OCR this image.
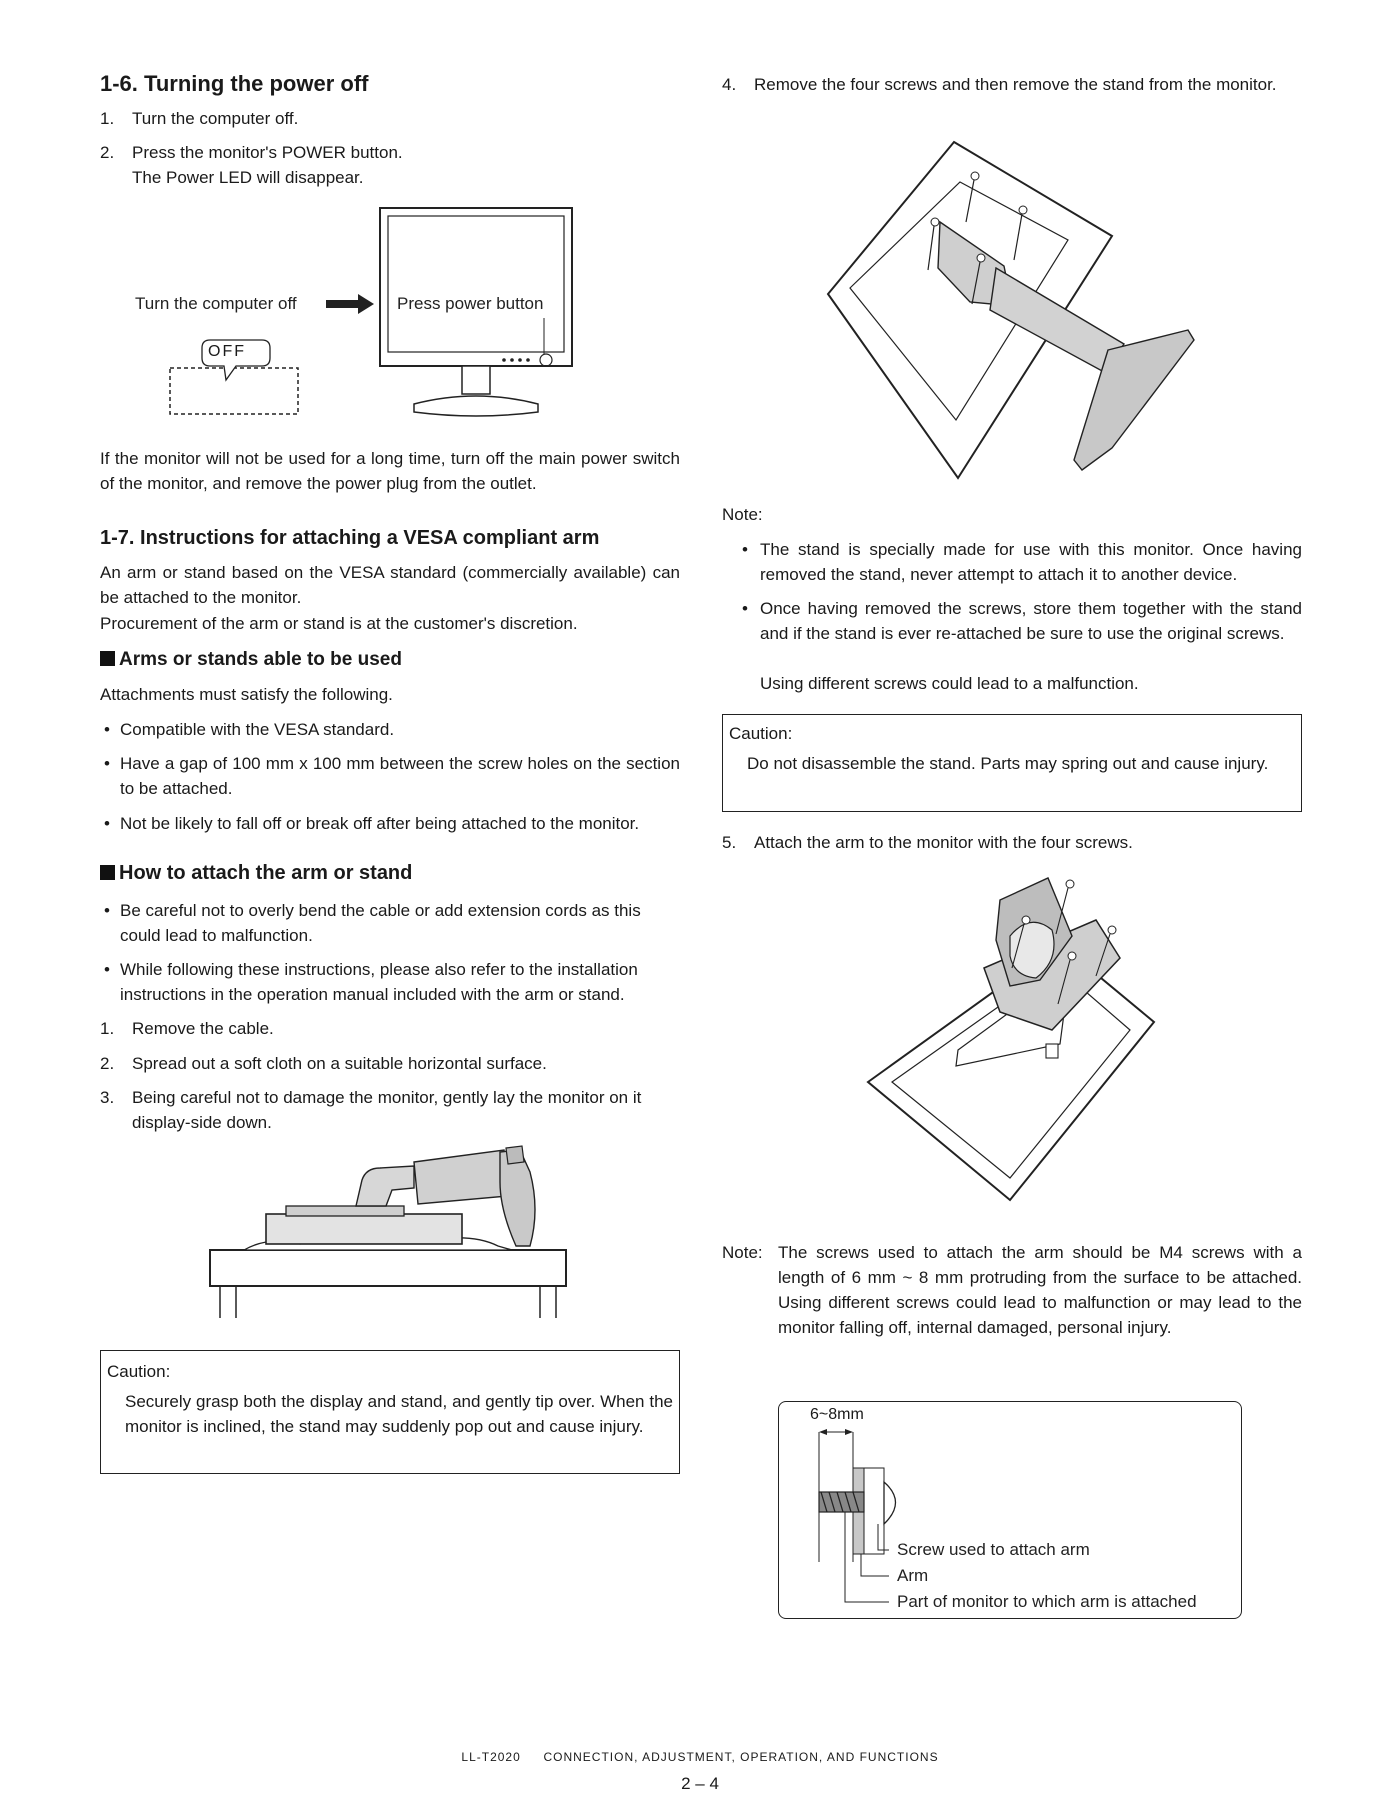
1-6. Turning the power off
1. Turn the computer off.
2. Press the monitor's POWER button.
The Power LED will disappear.
Turn the computer off	Press power button
OFF
If the monitor will not be used for a long time, turn off the main power switch of the monitor, and remove the power plug from the outlet.
1-7. Instructions for attaching a VESA compliant arm
An arm or stand based on the VESA standard (commercially available) can be attached to the monitor.
Procurement of the arm or stand is at the customer's discretion.
Arms or stands able to be used
Attachments must satisfy the following.
• Compatible with the VESA standard.
• Have a gap of 100 mm x 100 mm between the screw holes on the section to be attached.
• Not be likely to fall off or break off after being attached to the monitor.
How to attach the arm or stand
• Be careful not to overly bend the cable or add extension cords as this could lead to malfunction.
• While following these instructions, please also refer to the installation instructions in the operation manual included with the arm or stand.
1. Remove the cable.
2. Spread out a soft cloth on a suitable horizontal surface.
3. Being careful not to damage the monitor, gently lay the monitor on it display-side down.
Caution:
Securely grasp both the display and stand, and gently tip over. When the monitor is inclined, the stand may suddenly pop out and cause injury.
4. Remove the four screws and then remove the stand from the monitor.
Note:
• The stand is specially made for use with this monitor. Once having removed the stand, never attempt to attach it to another device.
• Once having removed the screws, store them together with the stand and if the stand is ever re-attached be sure to use the original screws.
Using different screws could lead to a malfunction.
Caution:
Do not disassemble the stand. Parts may spring out and cause injury.
5. Attach the arm to the monitor with the four screws.
Note: The screws used to attach the arm should be M4 screws with a length of 6 mm ~ 8 mm protruding from the surface to be attached. Using different screws could lead to malfunction or may lead to the monitor falling off, internal damaged, personal injury.
6~8mm
Screw used to attach arm
Arm
Part of monitor to which arm is attached
LL-T2020 CONNECTION, ADJUSTMENT, OPERATION, AND FUNCTIONS
2 – 4
